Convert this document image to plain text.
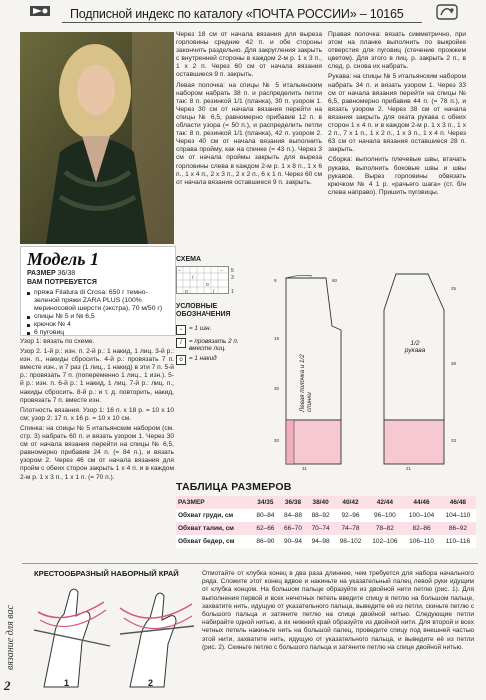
Подписной индекс по каталогу «ПОЧТА РОССИИ» – 10165
Модель 1
РАЗМЕР 36/38
ВАМ ПОТРЕБУЕТСЯ
пряжа Filatura di Crosa: 650 г темно-зеленой пряжи ZARA PLUS (100% мериносовой шерсти (экстра), 70 м/50 г)
спицы № 5 и № 6,5
крючок № 4
6 пуговиц

Узор 1: вязать по схеме.

Узор 2. 1-й р.: изн. п. 2-й р.: 1 накид, 1 лиц. 3-й р.: изн. п., накиды сбросить. 4-й р.: провязать 7 п. вместе изн., и 7 раз (1 лиц., 1 накид) в эти 7 п. 5-й р.: провязать 7 п. (попеременно 1 лиц., 1 изн.). 5-й р.: изн. п. 6-й р.: 1 накид, 1 лиц. 7-й р.: лиц. п., накиды сбросить. 8-й р.: и т. д. повторить, накид, провязать 7 п. вместе изн.

Плотность вязания. Узор 1: 16 п. x 18 р. = 10 x 10 см; узор 2: 17 п. x 16 р. = 10 x 10 см.

Спинка: на спицы № 5 итальянским набором (см. стр. 3) набрать 60 п. и вязать узором 1. Через 30 см от начала вязания перейти на спицы № 6,5, равномерно прибавив 24 п. (= 84 п.), и вязать узором 2. Через 46 см от начала вязания для пройм с обеих сторон закрыть 1 x 4 п. и в каждом 2-м р. 1 x 3 п., 1 x 1 п. (= 70 п.).

Через 18 см от начала вязания для выреза горловины средние 42 п. и обе стороны закончить раздельно. Для закругления закрыть с внутренней стороны в каждом 2-м р. 1 x 3 п., 1 x 2 п. Через 60 см от начала вязания оставшиеся 9 п. закрыть.

Левая полочка: на спицы № 5 итальянским набором набрать 38 п. и распределить петли так: 8 п. резинкой 1/1 (планка), 30 п. узором 1. Через 30 см от начала вязания перейти на спицы № 6,5, равномерно прибавив 12 п. в области узора (= 50 п.), и распределить петли так: 8 п. резинкой 1/1 (планка), 42 п. узором 2. Через 40 см от начала вязания выполнить справа пройму, как на спинке (= 43 п.). Через 3 см от начала проймы закрыть для выреза горловины слева в каждом 2-м р. 1 x 8 п., 1 x 6 п., 1 x 4 п., 2 x 3 п., 2 x 2 п., 6 x 1 п. Через 60 см от начала вязания оставшиеся 9 п. закрыть.

Правая полочка: вязать симметрично, при этом на планке выполнить по выкройке отверстия для пуговиц (стечение прожжем цветом). Для этого в лиц. р. закрыть 2 п., в след. р. снова их набрать.

Рукава: на спицы № 5 итальянским набором набрать 34 п. и вязать узором 1. Через 33 см от начала вязания перейти на спицы № 6,5, равномерно прибавив 44 п. (= 78 п.), и вязать узором 2. Через 38 см от начала вязания закрыть для оката рукава с обеих сторон 1 x 4 п. и в каждом 2-м р. 1 x 3 п., 1 x 2 п., 7 x 1 п., 1 x 2 п., 1 x 3 п., 1 x 4 п. Через 63 см от начала вязания оставшиеся 28 п. закрыть.

Сборка: выполнить плечевые швы, втачать рукава, выполнить боковые швы и швы рукавов. Вырез горловины обвязать крючком № 4 1 р. «рачьего шага» (ст. б/н слева направо). Пришить пуговицы.

СХЕМА
−
/
o
−
o	/
5
3
1
УСЛОВНЫЕ ОБОЗНАЧЕНИЯ
− = 1 изн.
/	= провязать 2 п. вместе лиц.
o	= 1 накид
9
19
30
30
31
60
25
38
33
21
Левая полочка и 1/2 спинки
1/2 рукава
ТАБЛИЦА РАЗМЕРОВ
РАЗМЕР	34/35	36/38	38/40	40/42	42/44	44/46	46/48
Обхват груди, см	80–84	84–88	88–92	92–96	96–100	100–104	104–110
Обхват талии, см	62–66	66–70	70–74	74–78	78–82	82–86	86–92
Обхват бедер, см	86–90	90–94	94–98	98–102	102–106	106–110	110–116
КРЕСТООБРАЗНЫЙ НАБОРНЫЙ КРАЙ
1	2

Отмотайте от клубка конец в два раза длиннее, чем требуется для набора начального ряда. Сложите этот конец вдвое и накиньте на указательный палец левой руки идущим от клубка концом. На большом пальце образуйте из двойной нити петлю (рис. 1). Для выполнения первой и всех нечетных петель введите спицу в петлю на большом пальце, захватите нить, идущую от указательного пальца, выведите её из петли, скиньте петлю с большого пальца и затяните петлю на спице двойной нитью. Следующие петли набирайте одной нитью, а их нижний край образуйте из двойной нити. Для второй и всех четных петель накиньте нить на большой палец, проведите спицу под внешней частью этой нити, захватите нить, идущую от указательного пальца, и выведите её из петли (рис. 2). Скиньте петлю с большого пальца и затяните петлю на спице двойной нитью.

вязание для вас
2
